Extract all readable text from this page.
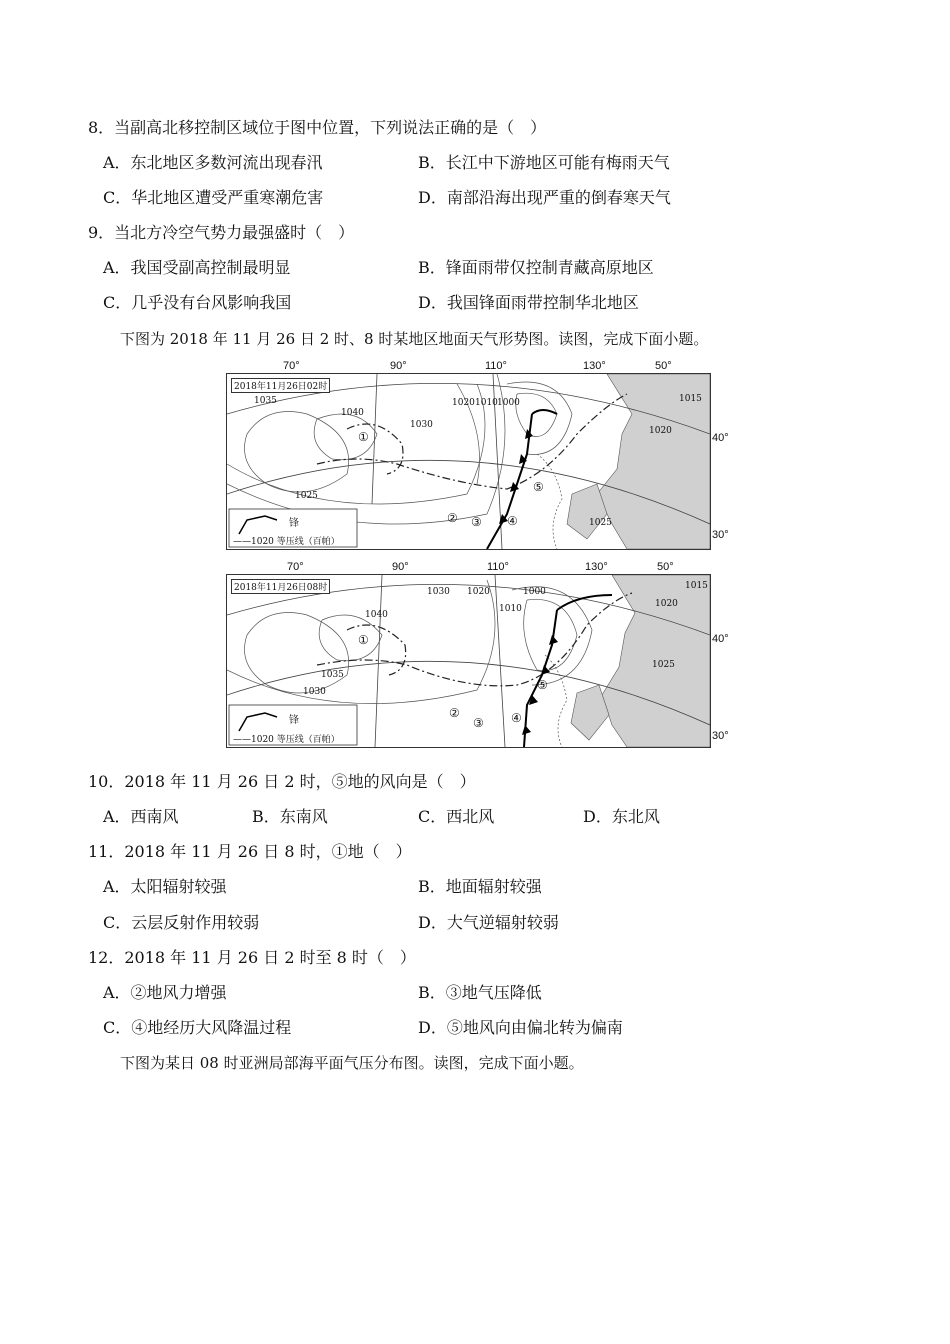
8．当副高北移控制区域位于图中位置，下列说法正确的是（　）
A．东北地区多数河流出现春汛	B．长江中下游地区可能有梅雨天气
C．华北地区遭受严重寒潮危害	D．南部沿海出现严重的倒春寒天气
9．当北方冷空气势力最强盛时（　）
A．我国受副高控制最明显	B．锋面雨带仅控制青藏高原地区
C．几乎没有台风影响我国	D．我国锋面雨带控制华北地区
下图为 2018 年 11 月 26 日 2 时、8 时某地区地面天气形势图。读图，完成下面小题。
70°	90°	110°	130°	50°
40°
30°
2018年11月26日02时
1035
1040
1030
1025
1020 1010 1000	1015
1020
1025
①
② ③ ④
⑤
锋
——1020 等压线（百帕）
70°	90°	110°	130°	50°
40°
30°
2018年11月26日08时
1040
1035
1030
1030
1020
1010
1000
1015
1020
1025
①
②
③ ④
⑤
锋
——1020 等压线（百帕）
10．2018 年 11 月 26 日 2 时，⑤地的风向是（　）
A．西南风	B．东南风	C．西北风	D．东北风
11．2018 年 11 月 26 日 8 时，①地（　）
A．太阳辐射较强	B．地面辐射较强
C．云层反射作用较弱	D．大气逆辐射较弱
12．2018 年 11 月 26 日 2 时至 8 时（　）
A．②地风力增强	B．③地气压降低
C．④地经历大风降温过程	D．⑤地风向由偏北转为偏南
下图为某日 08 时亚洲局部海平面气压分布图。读图，完成下面小题。
